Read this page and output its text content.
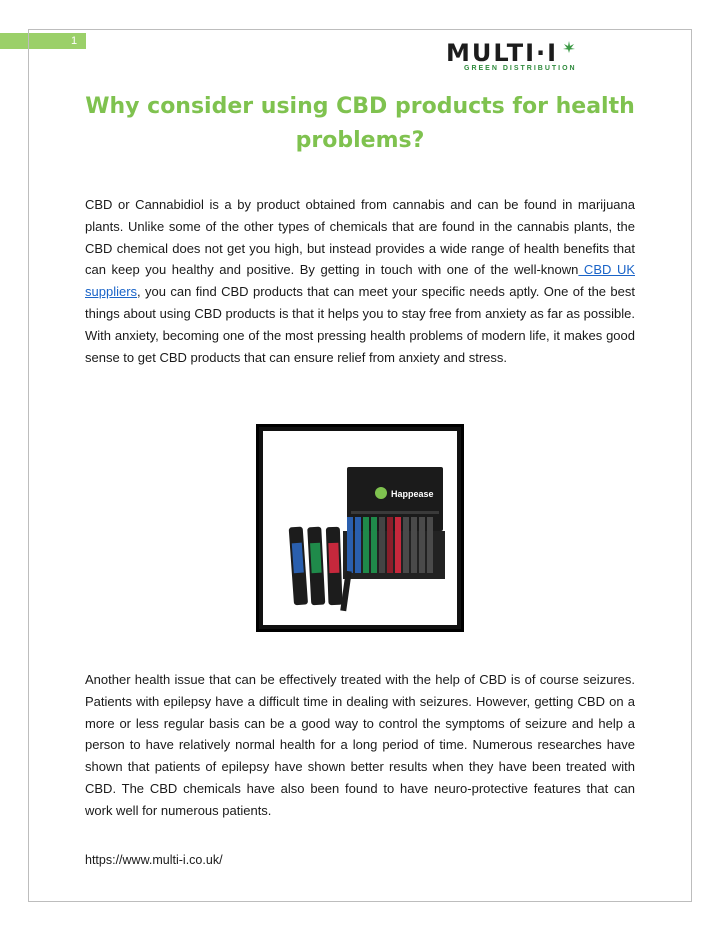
1	MULTI·I
GREEN DISTRIBUTION
Why consider using CBD products for health problems?

CBD or Cannabidiol is a by product obtained from cannabis and can be found in marijuana plants. Unlike some of the other types of chemicals that are found in the cannabis plants, the CBD chemical does not get you high, but instead provides a wide range of health benefits that can keep you healthy and positive. By getting in touch with one of the well-known CBD UK suppliers, you can find CBD products that can meet your specific needs aptly. One of the best things about using CBD products is that it helps you to stay free from anxiety as far as possible. With anxiety, becoming one of the most pressing health problems of modern life, it makes good sense to get CBD products that can ensure relief from anxiety and stress.

Happease

Another health issue that can be effectively treated with the help of CBD is of course seizures. Patients with epilepsy have a difficult time in dealing with seizures. However, getting CBD on a more or less regular basis can be a good way to control the symptoms of seizure and help a person to have relatively normal health for a long period of time. Numerous researches have shown that patients of epilepsy have shown better results when they have been treated with CBD. The CBD chemicals have also been found to have neuro-protective features that can work well for numerous patients.

https://www.multi-i.co.uk/
